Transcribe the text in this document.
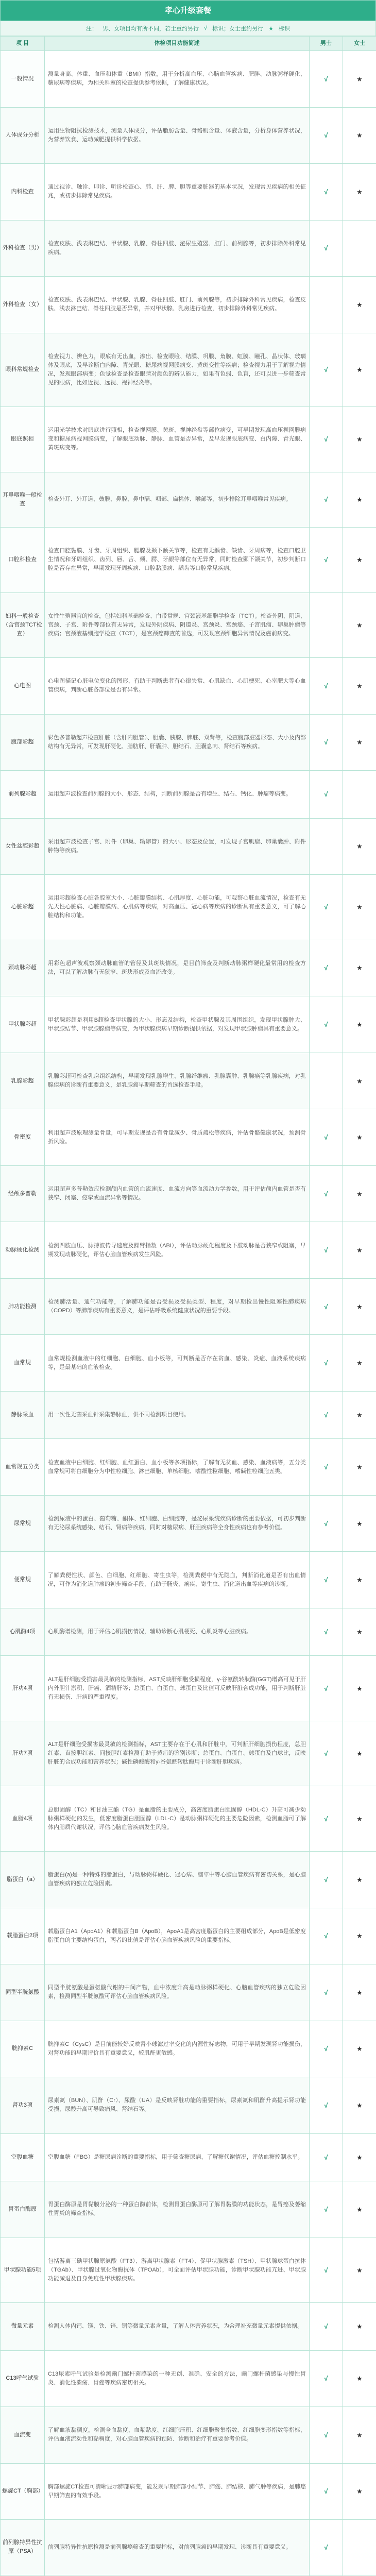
孝心升级套餐
注： 男、女项目均有所不同，若士重约另行 √ 标识；女士重约另行 ★ 标识
项 目	体检项目功能简述	男士	女士
一般情况	测量身高、体重、血压和体重（BMI）指数，用于分析高血压、心脑血管疾病、肥胖、动脉粥样硬化、糖尿病等疾病，为相关科室的检查提供参考依据，了解健康状况。	√	★
人体成分分析	运用生物阻抗检测技术，测量人体成分，评估脂肪含量、骨骼肌含量、体液含量，分析身体营养状况，为营养饮食、运动减肥提供科学依据。	√	★
内科检查	通过视诊、触诊、叩诊、听诊检查心、肺、肝、脾、胆等重要脏器的基本状况，发现常见疾病的相关征兆，或初步排除常见疾病。	√	★
外科检查（男）	检查皮肤、浅表淋巴结、甲状腺、乳腺、脊柱四肢、泌尿生殖器、肛门、前列腺等，初步排除外科常见疾病。	√	
外科检查（女）	检查皮肤、浅表淋巴结、甲状腺、乳腺、脊柱四肢、肛门、前列腺等，初步排除外科常见疾病，检查皮肤、浅表淋巴结、脊柱四肢是否异常，并对甲状腺、乳房进行检查，初步排除外科常见疾病。		★
眼科常规检查	检查视力、辨色力，眼底有无出血，渗出、检查眼睑、结膜、巩膜、角膜、虹膜、瞳孔、晶状体、玻璃体及眼底，及早诊断白内障、青光眼、糖尿病视网膜病变、黄斑变性等疾病；检查视力用于了解视力情况，发现眼部病变；色觉检查是检查眼睛对颜色的辨认能力，如果有色弱、色盲，还可以进一步筛查常见的眼病，比如近视、远视、视神经炎等。	√	★
眼底照相	运用光学技术对眼底进行照相，检查视网膜、黄斑、视神经盘等部位病变，可早期发现高血压视网膜病变和糖尿病视网膜病变，了解眼底动脉、静脉、血管是否异常，及早发现眼底病变、白内障、青光眼、黄斑病变等。	√	★
耳鼻咽喉一般检查	检查外耳、外耳道、鼓膜、鼻腔、鼻中隔、咽部、扁桃体、喉部等，初步排除耳鼻咽喉常见疾病。	√	★
口腔科检查	检查口腔黏膜、牙齿、牙周组织、腮腺及颞下颌关节等，检查有无龋齿、缺齿、牙周病等，检查口腔卫生情况和牙周组织、齿列、唇、舌、颊、腭、牙龈等部位有无异常，同时检查颞下颌关节，初步判断口腔是否存在异常，早期发现牙周疾病、口腔黏膜病、龋齿等口腔常见疾病。	√	★
妇科一般检查（含宫颈TCT检查）	女性生殖器官的检查，包括妇科基础检查、白带常规、宫颈液基细胞学检查（TCT）。检查外阴、阴道、宫颈、子宫、附件等部位有无异常，发现外阴疾病、阴道炎、宫颈炎、宫颈癌、子宫肌瘤、卵巢肿瘤等疾病；宫颈液基细胞学检查（TCT），是宫颈癌筛查的首选，可发现宫颈细胞异常情况及癌前病变。		★
心电图	心电图描记心脏电位变化的图形，有助于判断患者有心律失常、心肌缺血、心肌梗死、心室肥大等心血管疾病，判断心脏各部位是否有异常。	√	★
腹部彩超	彩色多普勒超声检查肝脏（含肝内胆管）、胆囊、胰腺、脾脏、双肾等，检查腹部脏器形态、大小及内部结构有无异常，可发现肝硬化、脂肪肝、肝囊肿、胆结石、胆囊息肉、肾结石等疾病。	√	★
前列腺彩超	运用超声波检查前列腺的大小、形态、结构，判断前列腺是否有增生、结石、钙化、肿瘤等病变。	√	
女性盆腔彩超	采用超声波检查子宫、附件（卵巢、输卵管）的大小、形态及位置，可发现子宫肌瘤、卵巢囊肿、附件肿物等疾病。		★
心脏彩超	运用彩超检查心脏各腔室大小、心脏瓣膜结构、心肌厚度、心脏功能，可观察心脏血流情况，检查有无先天性心脏病、心脏瓣膜病、心肌病等疾病，对高血压、冠心病等疾病的诊断具有重要意义，可了解心脏结构和功能。	√	★
颈动脉彩超	用彩色超声波观察颈动脉血管的管径及其斑块情况，是目前筛查及判断动脉粥样硬化最常用的检查方法，可以了解动脉有无狭窄、斑块形成及血流改变。	√	★
甲状腺彩超	甲状腺彩超是利用B超检查甲状腺的大小、形态及结构，检查甲状腺及其周围组织，发现甲状腺肿大、甲状腺结节、甲状腺腺瘤等病变，为甲状腺疾病早期诊断提供依据，对发现甲状腺肿瘤具有重要意义。	√	★
乳腺彩超	乳腺彩超可检查乳房组织结构，早期发现乳腺增生、乳腺纤维瘤、乳腺囊肿、乳腺癌等乳腺疾病，对乳腺疾病的诊断有重要意义，是乳腺癌早期筛查的首选检查手段。		★
骨密度	利用超声波原理测量骨量，可早期发现是否有骨量减少、骨质疏松等疾病，评估骨骼健康状况，预测骨折风险。	√	★
经颅多普勒	运用超声多普勒效应检测颅内血管的血流速度、血流方向等血流动力学参数，用于评估颅内血管是否有狭窄、闭塞、痉挛或血流异常等情况。	√	★
动脉硬化检测	检测四肢血压、脉搏波传导速度及踝臂指数（ABI），评估动脉硬化程度及下肢动脉是否狭窄或阻塞，早期发现动脉硬化，评估心脑血管疾病发生风险。	√	★
肺功能检测	检测肺活量、通气功能等，了解肺功能是否受损及受损类型、程度，对早期检出慢性阻塞性肺疾病（COPD）等肺部疾病有重要意义，是评估呼吸系统健康状况的重要手段。	√	★
血常规	血常规检测血液中的红细胞、白细胞、血小板等，可判断是否存在贫血、感染、炎症、血液系统疾病等，是最基础的血液检查。	√	★
静脉采血	用一次性无菌采血针采集静脉血，供不同检测项目使用。	√	★
血常规五分类	检查血液中白细胞、红细胞、血红蛋白、血小板等多项指标，了解有无贫血、感染、血液病等，五分类血常规可将白细胞分为中性粒细胞、淋巴细胞、单核细胞、嗜酸性粒细胞、嗜碱性粒细胞五类。	√	★
尿常规	检测尿液中的蛋白、葡萄糖、酮体、红细胞、白细胞等，是泌尿系统疾病诊断的重要依据，可初步判断有无泌尿系统感染、结石、肾病等疾病，同时对糖尿病、肝胆疾病等全身性疾病也有参考价值。	√	★
便常规	了解粪便性状、颜色、白细胞、红细胞、寄生虫等，检测粪便中有无隐血，判断消化道是否有出血情况，可作为消化道肿瘤的初步筛查手段，有助于肠炎、痢疾、寄生虫、消化道出血等疾病的诊断。	√	★
心肌酶4项	心肌酶谱检测，用于评估心肌损伤情况，辅助诊断心肌梗死、心肌炎等心脏疾病。	√	★
肝功4项	ALT是肝细胞受损害最灵敏的检测指标，AST反映肝细胞受损程度，γ-谷氨酰转肽酶(GGT)增高可见于肝内外胆汁淤积、肝癌、酒精肝等；总蛋白、白蛋白、球蛋白及比值可反映肝脏合成功能，用于判断肝脏有无损伤、肝病的严重程度。	√	★
肝功7项	ALT是肝细胞受损害最灵敏的检测指标，AST主要存在于心肌和肝脏中，可判断肝细胞损伤程度，总胆红素、直接胆红素、间接胆红素检测有助于黄疸的鉴别诊断；总蛋白、白蛋白、球蛋白及白球比，反映肝脏的合成功能和营养状况；碱性磷酸酶和γ-谷氨酰转肽酶用于诊断肝胆疾病。	√	★
血脂4项	总胆固醇（TC）和甘油三酯（TG）是血脂的主要成分，高密度脂蛋白胆固醇（HDL-C）升高可减少动脉粥样硬化的发生，低密度脂蛋白胆固醇（LDL-C）是动脉粥样硬化的主要危险因素，检测血脂可了解体内脂质代谢状况，评估心脑血管疾病发生风险。	√	★
脂蛋白（a）	脂蛋白(a)是一种特殊的脂蛋白，与动脉粥样硬化、冠心病、脑卒中等心脑血管疾病有密切关系，是心脑血管疾病的独立危险因素。	√	★
载脂蛋白2项	载脂蛋白A1（ApoA1）和载脂蛋白B（ApoB），ApoA1是高密度脂蛋白的主要组成部分，ApoB是低密度脂蛋白的主要结构蛋白，两者的比值是评估心脑血管疾病风险的重要指标。	√	★
同型半胱氨酸	同型半胱氨酸是蛋氨酸代谢的中间产物，血中浓度升高是动脉粥样硬化、心脑血管疾病的独立危险因素，检测同型半胱氨酸可评估心脑血管疾病风险。	√	★
胱抑素C	胱抑素C（CysC）是目前能较好反映肾小球滤过率变化的内源性标志物，可用于早期发现肾功能损伤，对肾功能的早期评价具有重要意义，较肌酐更敏感。	√	★
肾功3项	尿素氮（BUN）、肌酐（Cr）、尿酸（UA）是反映肾脏功能的重要指标，尿素氮和肌酐升高提示肾功能受损，尿酸升高可导致痛风、肾结石等。	√	★
空腹血糖	空腹血糖（FBG）是糖尿病诊断的重要指标，用于筛查糖尿病，了解糖代谢情况，评估血糖控制水平。	√	★
胃蛋白酶原	胃蛋白酶原是胃黏膜分泌的一种蛋白酶前体，检测胃蛋白酶原可了解胃黏膜的功能状态，是胃癌及萎缩性胃炎的筛查指标。	√	★
甲状腺功能5项	包括游离三碘甲状腺原氨酸（FT3）、游离甲状腺素（FT4）、促甲状腺激素（TSH）、甲状腺球蛋白抗体（TGAb）、甲状腺过氧化物酶抗体（TPOAb），可全面评估甲状腺功能，诊断甲状腺功能亢进、甲状腺功能减退及自身免疫性甲状腺疾病。	√	★
微量元素	检测人体内钙、镁、铁、锌、铜等微量元素含量，了解人体营养状况，为合理补充微量元素提供依据。	√	★
C13呼气试验	C13尿素呼气试验是检测幽门螺杆菌感染的一种无创、准确、安全的方法，幽门螺杆菌感染与慢性胃炎、消化性溃疡、胃癌等疾病密切相关。	√	★
血流变	了解血液黏稠度，检测全血黏度、血浆黏度、红细胞压积、红细胞聚集指数、红细胞变形指数等指标，评估血液流动性和黏稠度，对心脑血管疾病的预防、诊断和治疗有重要参考价值。	√	★
螺旋CT（胸部）	胸部螺旋CT检查可清晰显示肺部病变，能发现早期肺部小结节、肺癌、肺结核、肺气肿等疾病，是肺癌早期筛查的有效手段。	√	★
前列腺特异性抗原（PSA）	前列腺特异性抗原检测是前列腺癌筛查的重要指标，对前列腺癌的早期发现、诊断具有重要意义。	√	
